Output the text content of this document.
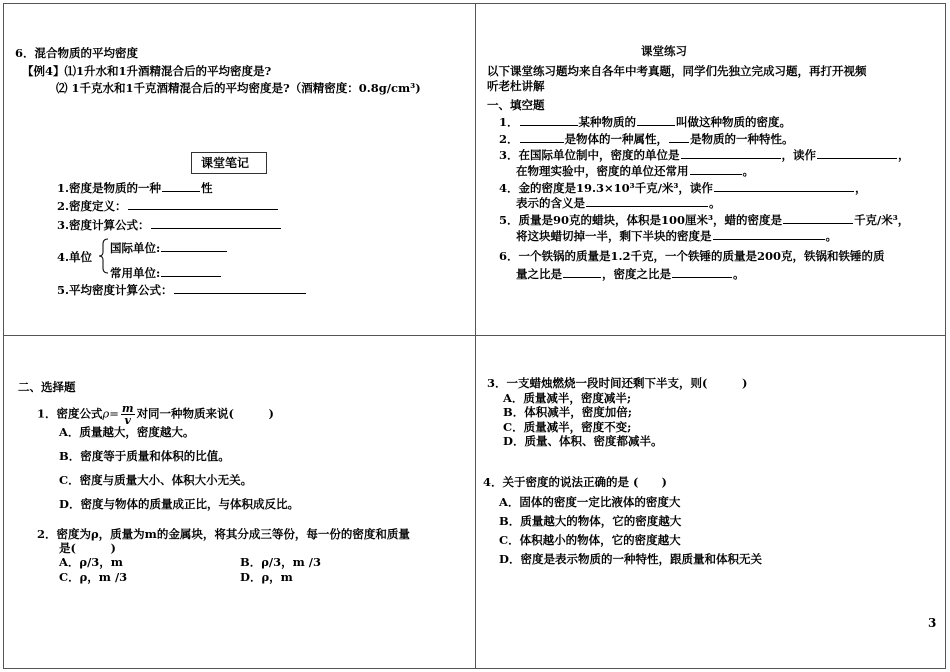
6．混合物质的平均密度
【例4】⑴1升水和1升酒精混合后的平均密度是?
⑵ 1千克水和1千克酒精混合后的平均密度是?（酒精密度：0.8g/cm³)
课堂笔记
1.密度是物质的一种	性
2.密度定义：
3.密度计算公式：
4.单位
国际单位:
常用单位:
5.平均密度计算公式：
课堂练习
以下课堂练习题均来自各年中考真题，同学们先独立完成习题，再打开视频
听老杜讲解
一、填空题
1．	某种物质的	叫做这种物质的密度。
2．	是物体的一种属性， 是物质的一种特性。
3．在国际单位制中，密度的单位是	，读作	，
在物理实验中，密度的单位还常用	。
4．金的密度是19.3×10³千克/米³，读作	，
表示的含义是	。
5．质量是90克的蜡块，体积是100厘米³，蜡的密度是	千克/米³，
将这块蜡切掉一半，剩下半块的密度是	。
6．一个铁锅的质量是1.2千克，一个铁锤的质量是200克，铁锅和铁锤的质
量之比是	，密度之比是	。
二、选择题
1．密度公式$\rho= \frac{m}{v}$ 对同一种物质来说(　　　)
A．质量越大，密度越大。
B．密度等于质量和体积的比值。
C．密度与质量大小、体积大小无关。
D．密度与物体的质量成正比，与体积成反比。
2．密度为ρ，质量为m的金属块，将其分成三等份，每一份的密度和质量
是(　　　)
A．ρ/3，m	B．ρ/3，m /3
C．ρ，m /3	D．ρ，m
3．一支蜡烛燃烧一段时间还剩下半支，则(　　　)
A．质量减半，密度减半;
B．体积减半，密度加倍;
C．质量减半，密度不变;
D．质量、体积、密度都减半。
4．关于密度的说法正确的是 (　　)
A．固体的密度一定比液体的密度大
B．质量越大的物体，它的密度越大
C．体积越小的物体，它的密度越大
D．密度是表示物质的一种特性，跟质量和体积无关
3
